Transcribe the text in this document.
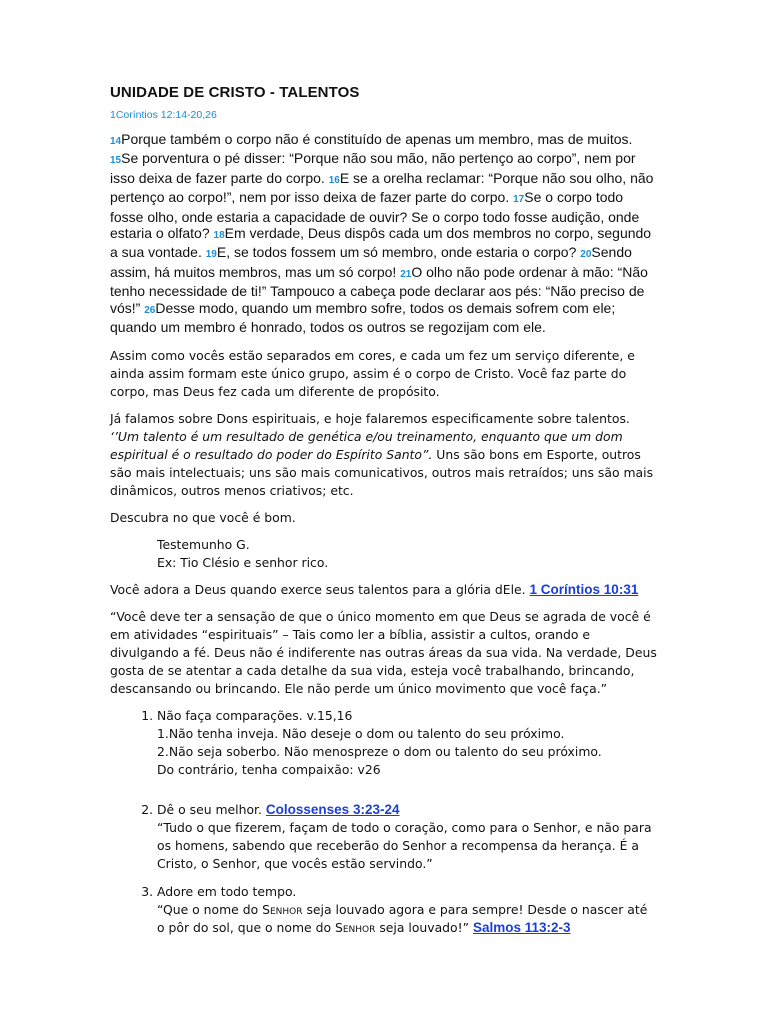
UNIDADE DE CRISTO - TALENTOS
1Coríntios 12:14-20,26
14Porque também o corpo não é constituído de apenas um membro, mas de muitos. 15Se porventura o pé disser: “Porque não sou mão, não pertenço ao corpo”, nem por isso deixa de fazer parte do corpo. 16E se a orelha reclamar: “Porque não sou olho, não pertenço ao corpo!”, nem por isso deixa de fazer parte do corpo. 17Se o corpo todo fosse olho, onde estaria a capacidade de ouvir? Se o corpo todo fosse audição, onde estaria o olfato? 18Em verdade, Deus dispôs cada um dos membros no corpo, segundo a sua vontade. 19E, se todos fossem um só membro, onde estaria o corpo? 20Sendo assim, há muitos membros, mas um só corpo! 21O olho não pode ordenar à mão: “Não tenho necessidade de ti!” Tampouco a cabeça pode declarar aos pés: “Não preciso de vós!” 26Desse modo, quando um membro sofre, todos os demais sofrem com ele; quando um membro é honrado, todos os outros se regozijam com ele.

Assim como vocês estão separados em cores, e cada um fez um serviço diferente, e ainda assim formam este único grupo, assim é o corpo de Cristo. Você faz parte do corpo, mas Deus fez cada um diferente de propósito.

Já falamos sobre Dons espirituais, e hoje falaremos especificamente sobre talentos. ‘’Um talento é um resultado de genética e/ou treinamento, enquanto que um dom espiritual é o resultado do poder do Espírito Santo”. Uns são bons em Esporte, outros são mais intelectuais; uns são mais comunicativos, outros mais retraídos; uns são mais dinâmicos, outros menos criativos; etc.

Descubra no que você é bom.

Testemunho G.
Ex: Tio Clésio e senhor rico.

Você adora a Deus quando exerce seus talentos para a glória dEle. 1 Coríntios 10:31

“Você deve ter a sensação de que o único momento em que Deus se agrada de você é em atividades “espirituais” – Tais como ler a bíblia, assistir a cultos, orando e divulgando a fé. Deus não é indiferente nas outras áreas da sua vida. Na verdade, Deus gosta de se atentar a cada detalhe da sua vida, esteja você trabalhando, brincando, descansando ou brincando. Ele não perde um único movimento que você faça.”

1. Não faça comparações. v.15,16
1.Não tenha inveja. Não deseje o dom ou talento do seu próximo.
2.Não seja soberbo. Não menospreze o dom ou talento do seu próximo.
Do contrário, tenha compaixão: v26
2. Dê o seu melhor. Colossenses 3:23-24
“Tudo o que fizerem, façam de todo o coração, como para o Senhor, e não para os homens, sabendo que receberão do Senhor a recompensa da herança. É a Cristo, o Senhor, que vocês estão servindo.”
3. Adore em todo tempo.
“Que o nome do Senhor seja louvado agora e para sempre! Desde o nascer até o pôr do sol, que o nome do Senhor seja louvado!” Salmos 113:2-3
